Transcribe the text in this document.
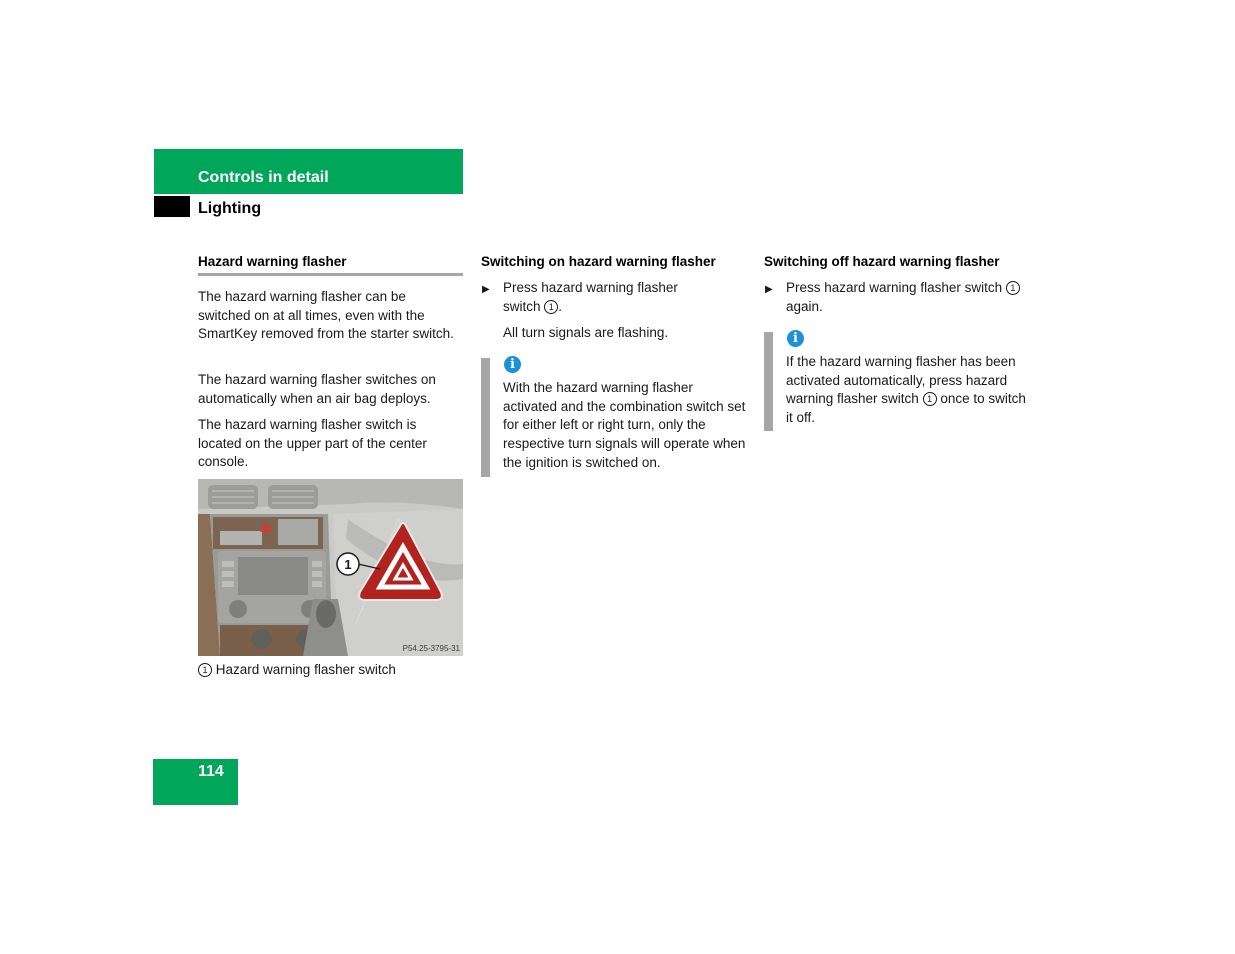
Controls in detail
Lighting
Hazard warning flasher
The hazard warning flasher can be switched on at all times, even with the SmartKey removed from the starter switch.
The hazard warning flasher switches on automatically when an air bag deploys.
The hazard warning flasher switch is located on the upper part of the center console.
1
P54.25-3795-31
1 Hazard warning flasher switch
Switching on hazard warning flasher
▶ Press hazard warning flasher switch 1 .
All turn signals are flashing.
i
With the hazard warning flasher activated and the combination switch set for either left or right turn, only the respective turn signals will operate when the ignition is switched on.
Switching off hazard warning flasher
▶ Press hazard warning flasher switch 1
again.
i
If the hazard warning flasher has been activated automatically, press hazard warning flasher switch 1 once to switch it off.
114
